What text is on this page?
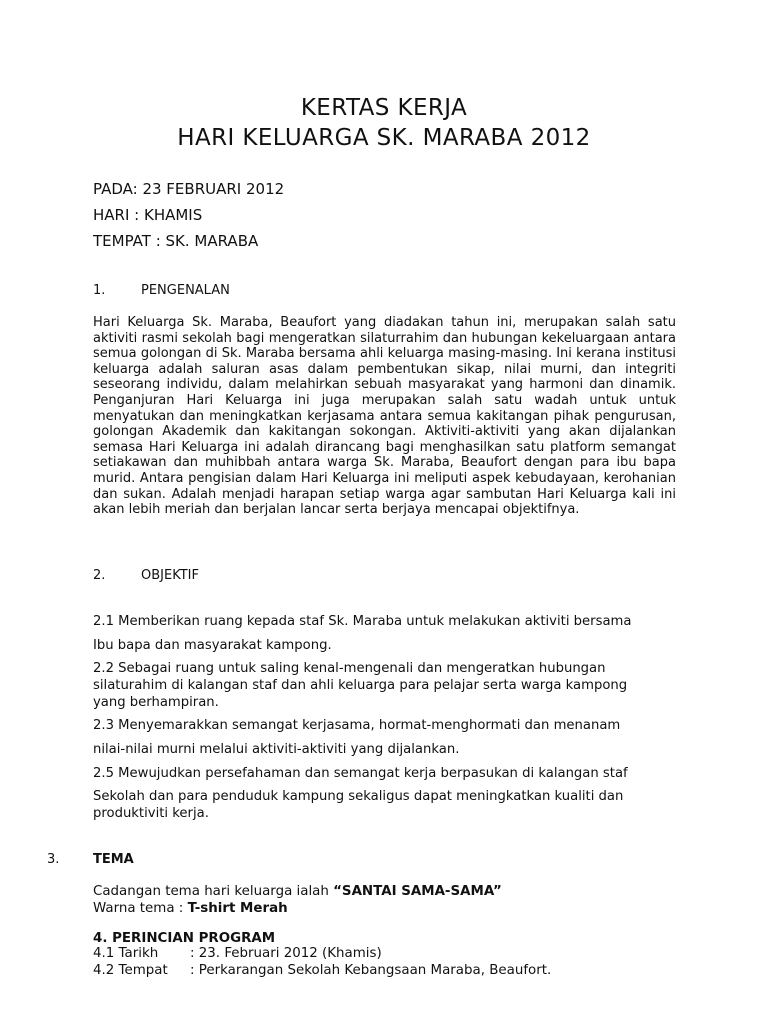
KERTAS KERJA
HARI KELUARGA SK. MARABA 2012
PADA: 23 FEBRUARI 2012
HARI : KHAMIS
TEMPAT : SK. MARABA
1.	PENGENALAN
Hari Keluarga Sk. Maraba, Beaufort yang diadakan tahun ini, merupakan salah satu aktiviti rasmi sekolah bagi mengeratkan silaturrahim dan hubungan kekeluargaan antara semua golongan di Sk. Maraba bersama ahli keluarga masing-masing. Ini kerana institusi keluarga adalah saluran asas dalam pembentukan sikap, nilai murni, dan integriti seseorang individu, dalam melahirkan sebuah masyarakat yang harmoni dan dinamik. Penganjuran Hari Keluarga ini juga merupakan salah satu wadah untuk untuk menyatukan dan meningkatkan kerjasama antara semua kakitangan pihak pengurusan, golongan Akademik dan kakitangan sokongan. Aktiviti-aktiviti yang akan dijalankan semasa Hari Keluarga ini adalah dirancang bagi menghasilkan satu platform semangat setiakawan dan muhibbah antara warga Sk. Maraba, Beaufort dengan para ibu bapa murid. Antara pengisian dalam Hari Keluarga ini meliputi aspek kebudayaan, kerohanian dan sukan. Adalah menjadi harapan setiap warga agar sambutan Hari Keluarga kali ini akan lebih meriah dan berjalan lancar serta berjaya mencapai objektifnya.
2.	OBJEKTIF
2.1 Memberikan ruang kepada staf Sk. Maraba untuk melakukan aktiviti bersama
Ibu bapa dan masyarakat kampong.
2.2 Sebagai ruang untuk saling kenal-mengenali dan mengeratkan hubungan
silaturahim di kalangan staf dan ahli keluarga para pelajar serta warga kampong
yang berhampiran.
2.3 Menyemarakkan semangat kerjasama, hormat-menghormati dan menanam
nilai-nilai murni melalui aktiviti-aktiviti yang dijalankan.
2.5 Mewujudkan persefahaman dan semangat kerja berpasukan di kalangan staf
Sekolah dan para penduduk kampung sekaligus dapat meningkatkan kualiti dan
produktiviti kerja.
3.	TEMA
Cadangan tema hari keluarga ialah “SANTAI SAMA-SAMA”
Warna tema : T-shirt Merah
4. PERINCIAN PROGRAM
4.1 Tarikh : 23. Februari 2012 (Khamis)
4.2 Tempat : Perkarangan Sekolah Kebangsaan Maraba, Beaufort.
